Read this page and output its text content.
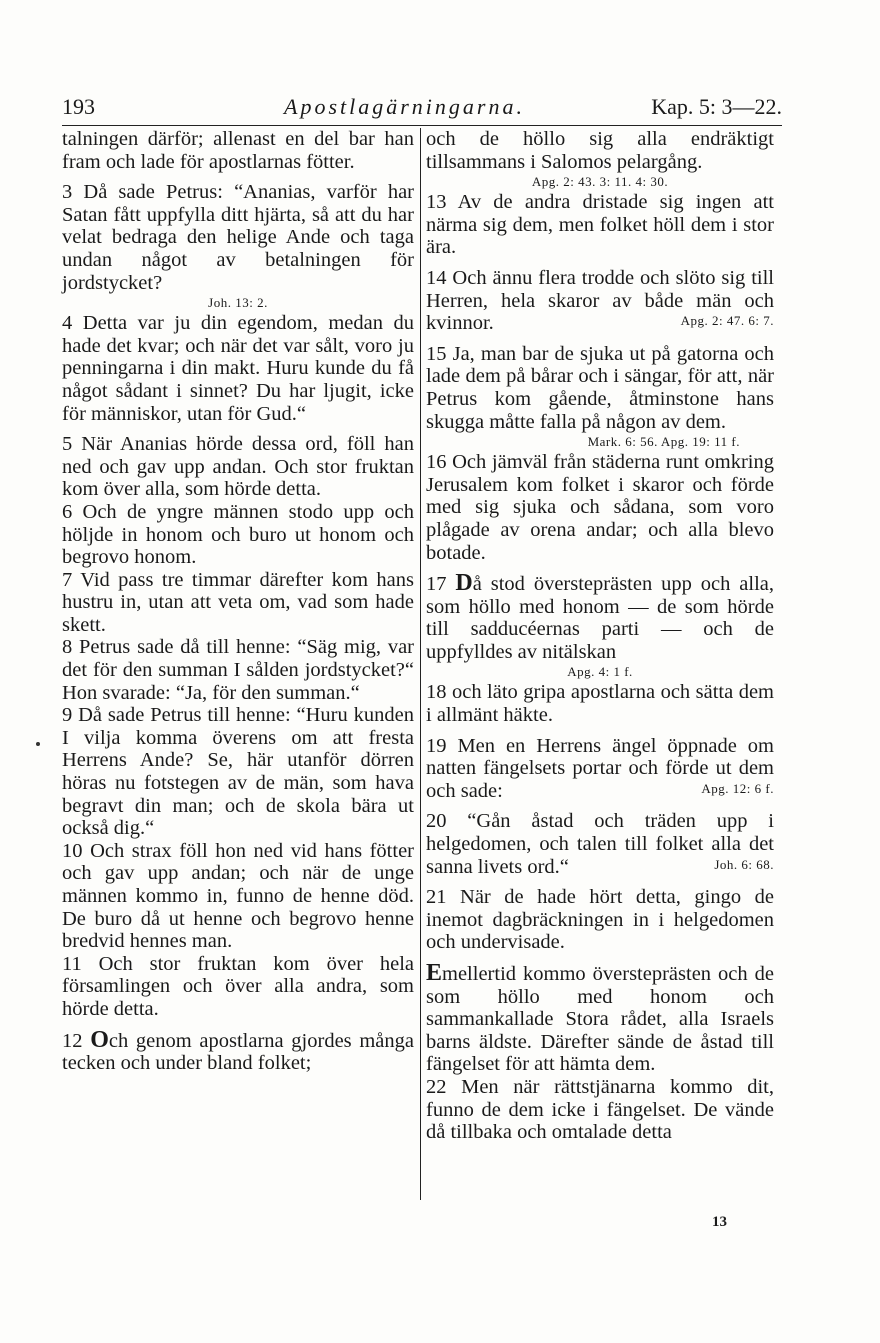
193	Apostlagärningarna.	Kap. 5: 3—22.

talningen därför; allenast en del bar han fram och lade för apostlarnas fötter.

3 Då sade Petrus: “Ananias, varför har Satan fått uppfylla ditt hjärta, så att du har velat bedraga den helige Ande och taga undan något av betalningen för jordstycket?

Joh. 13: 2.

4 Detta var ju din egendom, medan du hade det kvar; och när det var sålt, voro ju penningarna i din makt. Huru kunde du få något sådant i sinnet? Du har ljugit, icke för människor, utan för Gud.“

5 När Ananias hörde dessa ord, föll han ned och gav upp andan. Och stor fruktan kom över alla, som hörde detta.

6 Och de yngre männen stodo upp och höljde in honom och buro ut honom och begrovo honom.

7 Vid pass tre timmar därefter kom hans hustru in, utan att veta om, vad som hade skett.

8 Petrus sade då till henne: “Säg mig, var det för den summan I sålden jordstycket?“ Hon svarade: “Ja, för den summan.“

9 Då sade Petrus till henne: “Huru kunden I vilja komma överens om att fresta Herrens Ande? Se, här utanför dörren höras nu fotstegen av de män, som hava begravt din man; och de skola bära ut också dig.“

10 Och strax föll hon ned vid hans fötter och gav upp andan; och när de unge männen kommo in, funno de henne död. De buro då ut henne och begrovo henne bredvid hennes man.

11 Och stor fruktan kom över hela församlingen och över alla andra, som hörde detta.

12 Och genom apostlarna gjordes många tecken och under bland folket;

och de höllo sig alla endräktigt tillsammans i Salomos pelargång.

Apg. 2: 43. 3: 11. 4: 30.

13 Av de andra dristade sig ingen att närma sig dem, men folket höll dem i stor ära.

14 Och ännu flera trodde och slöto sig till Herren, hela skaror av både män och kvinnor.	Apg. 2: 47. 6: 7.

15 Ja, man bar de sjuka ut på gatorna och lade dem på bårar och i sängar, för att, när Petrus kom gående, åtminstone hans skugga måtte falla på någon av dem.

Mark. 6: 56. Apg. 19: 11 f.

16 Och jämväl från städerna runt omkring Jerusalem kom folket i skaror och förde med sig sjuka och sådana, som voro plågade av orena andar; och alla blevo botade.

17 Då stod översteprästen upp och alla, som höllo med honom — de som hörde till sadducéernas parti — och de uppfylldes av nitälskan

Apg. 4: 1 f.

18 och läto gripa apostlarna och sätta dem i allmänt häkte.

19 Men en Herrens ängel öppnade om natten fängelsets portar och förde ut dem och sade:	Apg. 12: 6 f.

20 “Gån åstad och träden upp i helgedomen, och talen till folket alla det sanna livets ord.“	Joh. 6: 68.

21 När de hade hört detta, gingo de inemot dagbräckningen in i helgedomen och undervisade.

Emellertid kommo översteprästen och de som höllo med honom och sammankallade Stora rådet, alla Israels barns äldste. Därefter sände de åstad till fängelset för att hämta dem.

22 Men när rättstjänarna kommo dit, funno de dem icke i fängelset. De vände då tillbaka och omtalade detta

13
